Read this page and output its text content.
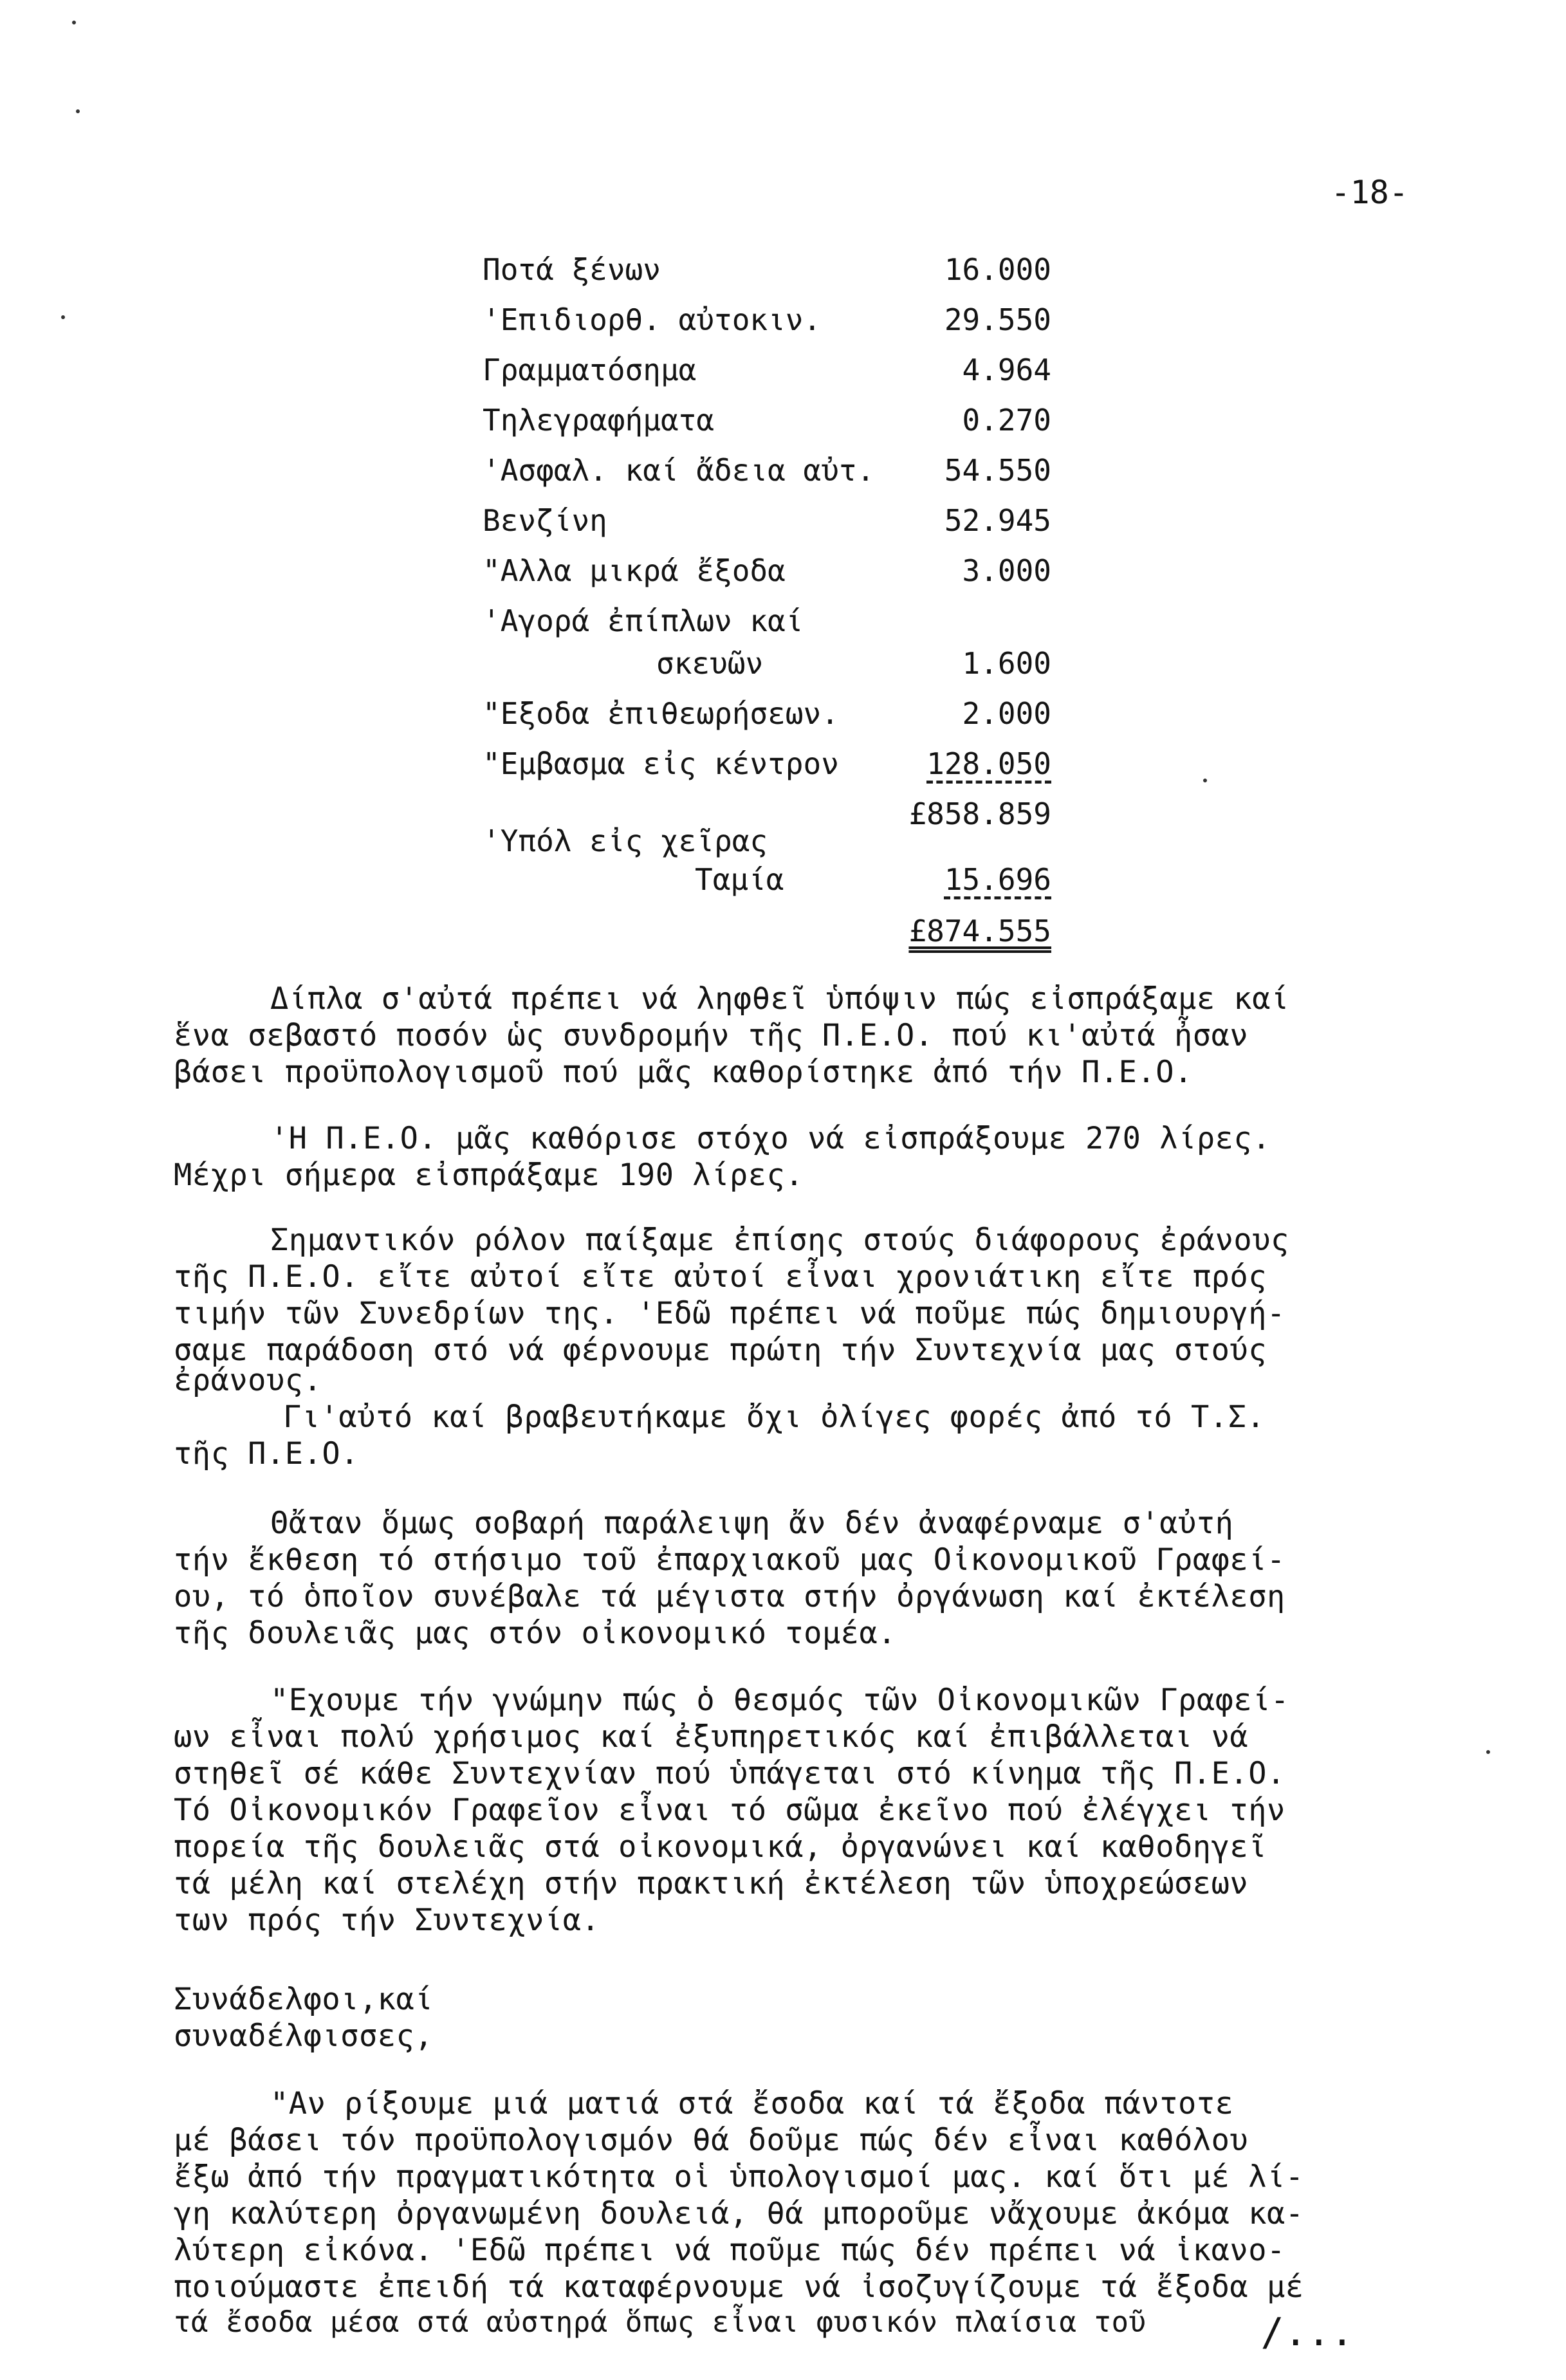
-18-
Ποτά ξένων	16.000
'Επιδιορθ. αὐτοκιν.	29.550
Γραμματόσημα	4.964
Τηλεγραφήματα	0.270
'Ασφαλ. καί ἄδεια αὐτ. 54.550
Βενζίνη	52.945
"Αλλα μικρά ἔξοδα	3.000
'Αγορά ἐπίπλων καί
σκευῶν	1.600
"Εξοδα ἐπιθεωρήσεων.	2.000
"Εμβασμα εἰς κέντρον	128.050
£858.859
'Υπόλ εἰς χεῖρας
Ταμία	15.696
£874.555
Δίπλα σ'αὐτά πρέπει νά ληφθεῖ ὑπόψιν πώς εἰσπράξαμε καί
ἕνα σεβαστό ποσόν ὡς συνδρομήν τῆς Π.Ε.Ο. πού κι'αὐτά ἦσαν
βάσει προϋπολογισμοῦ πού μᾶς καθορίστηκε ἀπό τήν Π.Ε.Ο.
'Η Π.Ε.Ο. μᾶς καθόρισε στόχο νά εἰσπράξουμε 270 λίρες.
Μέχρι σήμερα εἰσπράξαμε 190 λίρες.
Σημαντικόν ρόλον παίξαμε ἐπίσης στούς διάφορους ἐράνους
τῆς Π.Ε.Ο. εἴτε αὐτοί εἴτε αὐτοί εἶναι χρονιάτικη εἴτε πρός
τιμήν τῶν Συνεδρίων της. 'Εδῶ πρέπει νά ποῦμε πώς δημιουργή-
σαμε παράδοση στό νά φέρνουμε πρώτη τήν Συντεχνία μας στούς
ἐράνους.
Γι'αὐτό καί βραβευτήκαμε ὄχι ὀλίγες φορές ἀπό τό Τ.Σ.
τῆς Π.Ε.Ο.
Θἄταν ὅμως σοβαρή παράλειψη ἄν δέν ἀναφέρναμε σ'αὐτή
τήν ἔκθεση τό στήσιμο τοῦ ἐπαρχιακοῦ μας Οἰκονομικοῦ Γραφεί-
ου, τό ὁποῖον συνέβαλε τά μέγιστα στήν ὀργάνωση καί ἐκτέλεση
τῆς δουλειᾶς μας στόν οἰκονομικό τομέα.
"Εχουμε τήν γνώμην πώς ὁ θεσμός τῶν Οἰκονομικῶν Γραφεί-
ων εἶναι πολύ χρήσιμος καί ἐξυπηρετικός καί ἐπιβάλλεται νά
στηθεῖ σέ κάθε Συντεχνίαν πού ὑπάγεται στό κίνημα τῆς Π.Ε.Ο.
Τό Οἰκονομικόν Γραφεῖον εἶναι τό σῶμα ἐκεῖνο πού ἐλέγχει τήν
πορεία τῆς δουλειᾶς στά οἰκονομικά, ὀργανώνει καί καθοδηγεῖ
τά μέλη καί στελέχη στήν πρακτική ἐκτέλεση τῶν ὑποχρεώσεων
των πρός τήν Συντεχνία.
Συνάδελφοι,καί
συναδέλφισσες,
"Αν ρίξουμε μιά ματιά στά ἔσοδα καί τά ἔξοδα πάντοτε
μέ βάσει τόν προϋπολογισμόν θά δοῦμε πώς δέν εἶναι καθόλου
ἔξω ἀπό τήν πραγματικότητα οἱ ὑπολογισμοί μας. καί ὅτι μέ λί-
γη καλύτερη ὀργανωμένη δουλειά, θά μποροῦμε νἄχουμε ἀκόμα κα-
λύτερη εἰκόνα. 'Εδῶ πρέπει νά ποῦμε πώς δέν πρέπει νά ἱκανο-
ποιούμαστε ἐπειδή τά καταφέρνουμε νά ἰσοζυγίζουμε τά ἔξοδα μέ
τά ἔσοδα μέσα στά αὐστηρά ὅπως εἶναι φυσικόν πλαίσια τοῦ	/...
